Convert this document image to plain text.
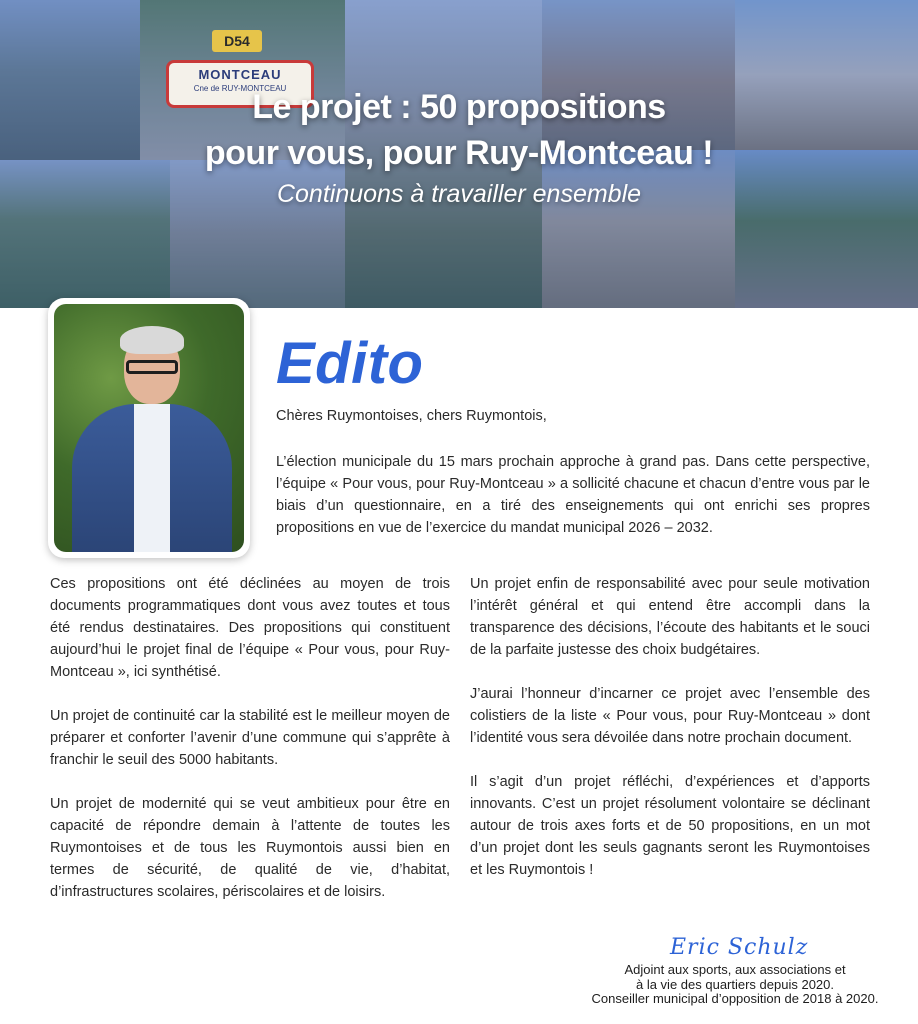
D54
MONTCEAU
Cne de RUY-MONTCEAU
Le projet : 50 propositions
pour vous, pour Ruy-Montceau !
Continuons à travailler ensemble
Edito
Chères Ruymontoises, chers Ruymontois,

L’élection municipale du 15 mars prochain approche à grand pas. Dans cette perspective, l’équipe « Pour vous, pour Ruy-Montceau » a sollicité chacune et chacun d’entre vous par le biais d’un questionnaire, en a tiré des enseignements qui ont enrichi ses propres propositions en vue de l’exercice du mandat municipal 2026 – 2032.

Ces propositions ont été déclinées au moyen de trois documents programmatiques dont vous avez toutes et tous été rendus destinataires. Des propositions qui constituent aujourd’hui le projet final de l’équipe « Pour vous, pour Ruy-Montceau », ici synthétisé.

Un projet de continuité car la stabilité est le meilleur moyen de préparer et conforter l’avenir d’une commune qui s’apprête à franchir le seuil des 5000 habitants.

Un projet de modernité qui se veut ambitieux pour être en capacité de répondre demain à l’attente de toutes les Ruymontoises et de tous les Ruymontois aussi bien en termes de sécurité, de qualité de vie, d’habitat, d’infrastructures scolaires, périscolaires et de loisirs.

Un projet enfin de responsabilité avec pour seule motivation l’intérêt général et qui entend être accompli dans la transparence des décisions, l’écoute des habitants et le souci de la parfaite justesse des choix budgétaires.

J’aurai l’honneur d’incarner ce projet avec l’ensemble des colistiers de la liste « Pour vous, pour Ruy-Montceau » dont l’identité vous sera dévoilée dans notre prochain document.

Il s’agit d’un projet réfléchi, d’expériences et d’apports innovants. C’est un projet résolument volontaire se déclinant autour de trois axes forts et de 50 propositions, en un mot d’un projet dont les seuls gagnants seront les Ruymontoises et les Ruymontois !

Eric Schulz
Adjoint aux sports, aux associations et
à la vie des quartiers depuis 2020.
Conseiller municipal d’opposition de 2018 à 2020.
